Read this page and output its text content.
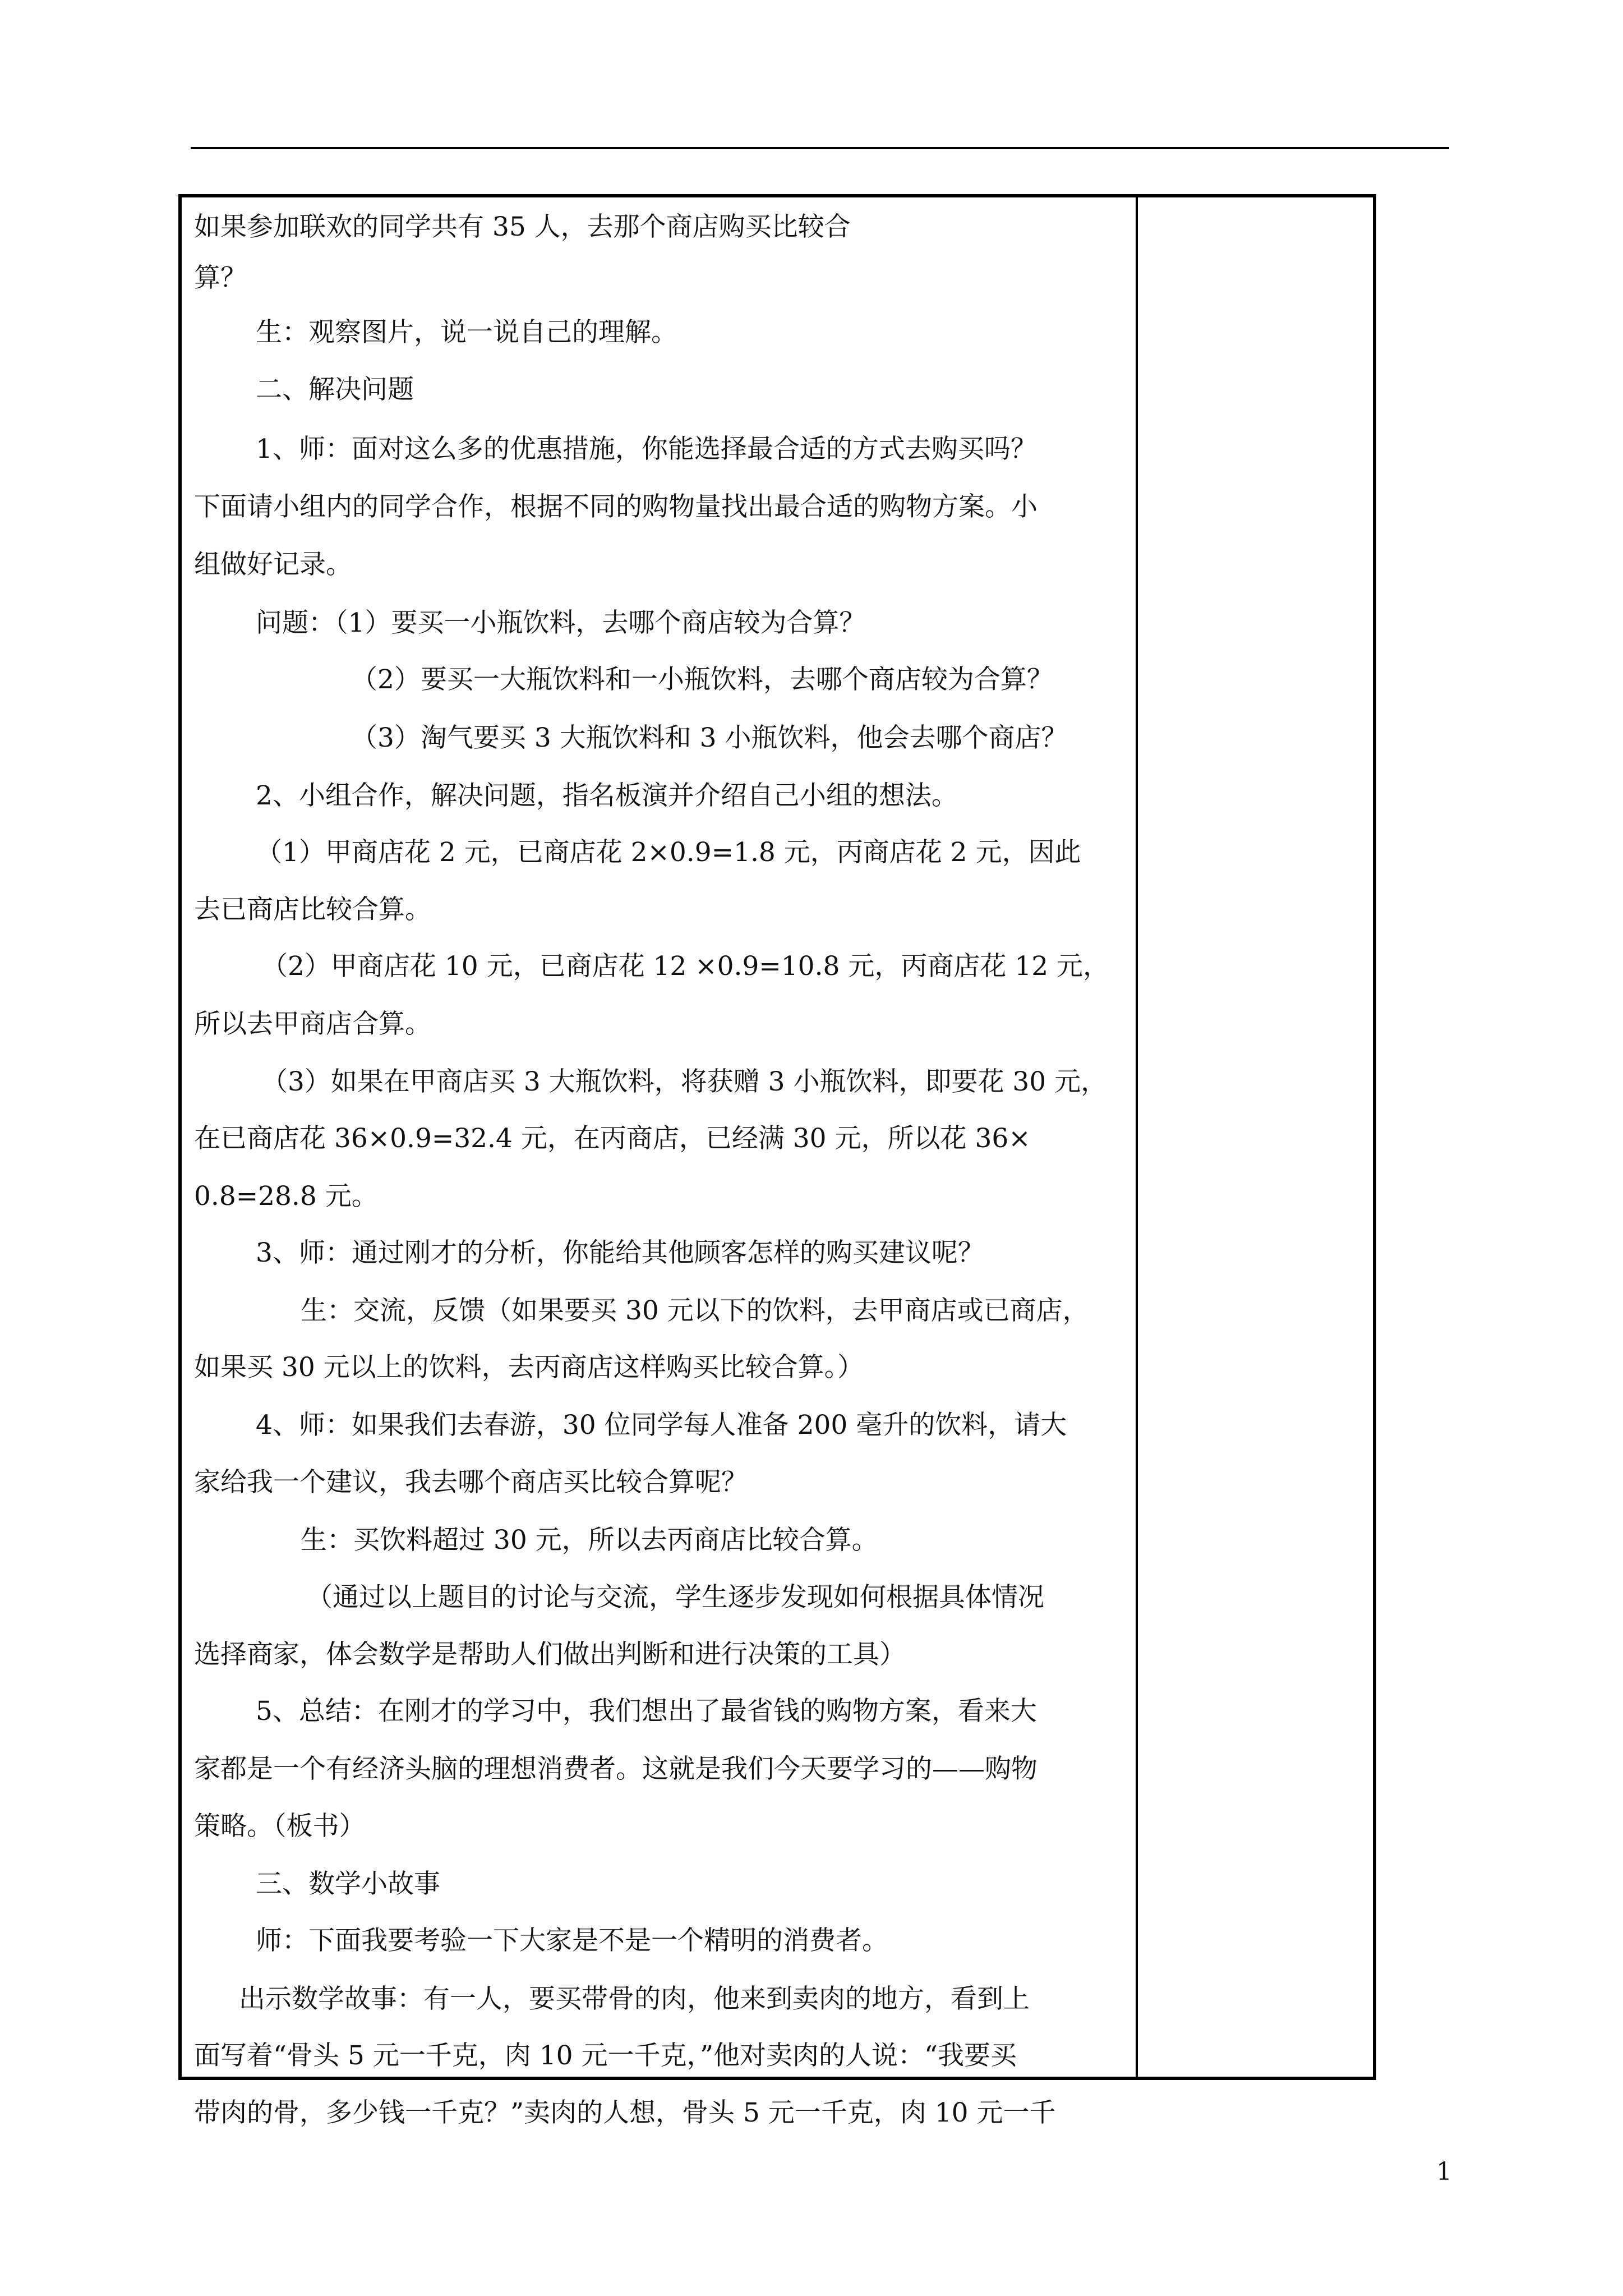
如果参加联欢的同学共有 35 人，去那个商店购买比较合
算？
生：观察图片，说一说自己的理解。
二、解决问题
1、师：面对这么多的优惠措施，你能选择最合适的方式去购买吗？
下面请小组内的同学合作，根据不同的购物量找出最合适的购物方案。小
组做好记录。
问题：（1）要买一小瓶饮料，去哪个商店较为合算？
（2）要买一大瓶饮料和一小瓶饮料，去哪个商店较为合算？
（3）淘气要买 3 大瓶饮料和 3 小瓶饮料，他会去哪个商店？
2、小组合作，解决问题，指名板演并介绍自己小组的想法。
（1）甲商店花 2 元，已商店花 2×0.9=1.8 元，丙商店花 2 元，因此
去已商店比较合算。
（2）甲商店花 10 元，已商店花 12 ×0.9=10.8 元，丙商店花 12 元，
所以去甲商店合算。
（3）如果在甲商店买 3 大瓶饮料，将获赠 3 小瓶饮料，即要花 30 元，
在已商店花 36×0.9=32.4 元，在丙商店，已经满 30 元，所以花 36×
0.8=28.8 元。
3、师：通过刚才的分析，你能给其他顾客怎样的购买建议呢？
生：交流，反馈（如果要买 30 元以下的饮料，去甲商店或已商店，
如果买 30 元以上的饮料，去丙商店这样购买比较合算。）
4、师：如果我们去春游，30 位同学每人准备 200 毫升的饮料，请大
家给我一个建议，我去哪个商店买比较合算呢？
生：买饮料超过 30 元，所以去丙商店比较合算。
（通过以上题目的讨论与交流，学生逐步发现如何根据具体情况
选择商家，体会数学是帮助人们做出判断和进行决策的工具）
5、总结：在刚才的学习中，我们想出了最省钱的购物方案，看来大
家都是一个有经济头脑的理想消费者。这就是我们今天要学习的——购物
策略。（板书）
三、数学小故事
师：下面我要考验一下大家是不是一个精明的消费者。
出示数学故事：有一人，要买带骨的肉，他来到卖肉的地方，看到上
面写着“骨头 5 元一千克，肉 10 元一千克，”他对卖肉的人说：“我要买
带肉的骨，多少钱一千克？”卖肉的人想，骨头 5 元一千克，肉 10 元一千
1
